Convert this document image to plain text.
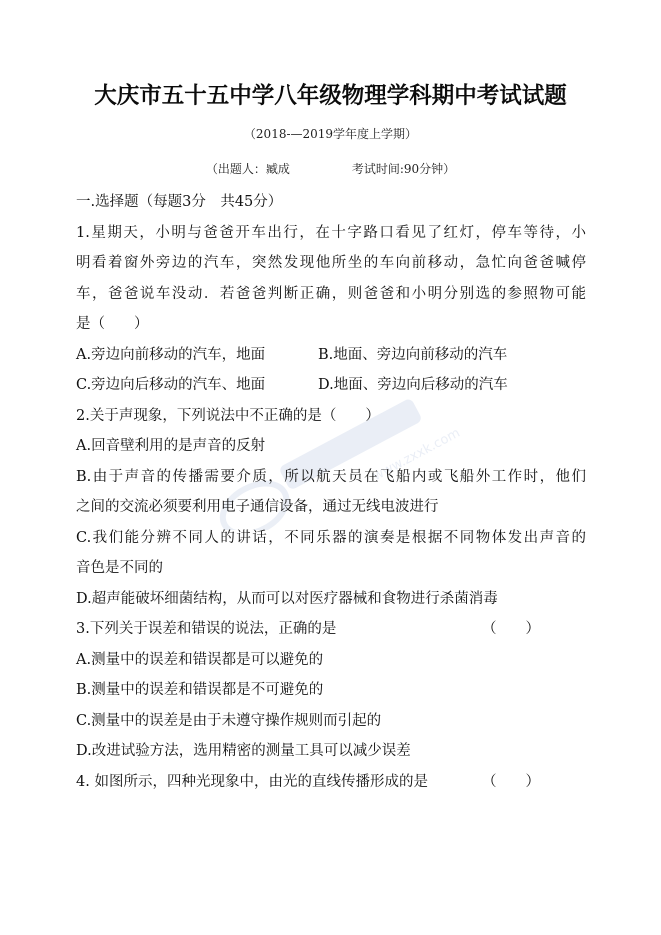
大庆市五十五中学八年级物理学科期中考试试题
（2018-—2019学年度上学期）
（出题人：臧成	考试时间:90分钟）
www.zxxk.com
一.选择题（每题3分　共45分）
1.星期天，小明与爸爸开车出行，在十字路口看见了红灯，停车等待，小
明看着窗外旁边的汽车，突然发现他所坐的车向前移动，急忙向爸爸喊停
车，爸爸说车没动．若爸爸判断正确，则爸爸和小明分别选的参照物可能
是（　　）
A.旁边向前移动的汽车，地面	B.地面、旁边向前移动的汽车
C.旁边向后移动的汽车、地面	D.地面、旁边向后移动的汽车
2.关于声现象，下列说法中不正确的是（　　）
A.回音壁利用的是声音的反射
B.由于声音的传播需要介质，所以航天员在飞船内或飞船外工作时，他们
之间的交流必须要利用电子通信设备，通过无线电波进行
C.我们能分辨不同人的讲话，不同乐器的演奏是根据不同物体发出声音的
音色是不同的
D.超声能破坏细菌结构，从而可以对医疗器械和食物进行杀菌消毒
3.下列关于误差和错误的说法，正确的是	（　　）
A.测量中的误差和错误都是可以避免的
B.测量中的误差和错误都是不可避免的
C.测量中的误差是由于未遵守操作规则而引起的
D.改进试验方法，选用精密的测量工具可以减少误差
4. 如图所示，四种光现象中，由光的直线传播形成的是	（　　）
